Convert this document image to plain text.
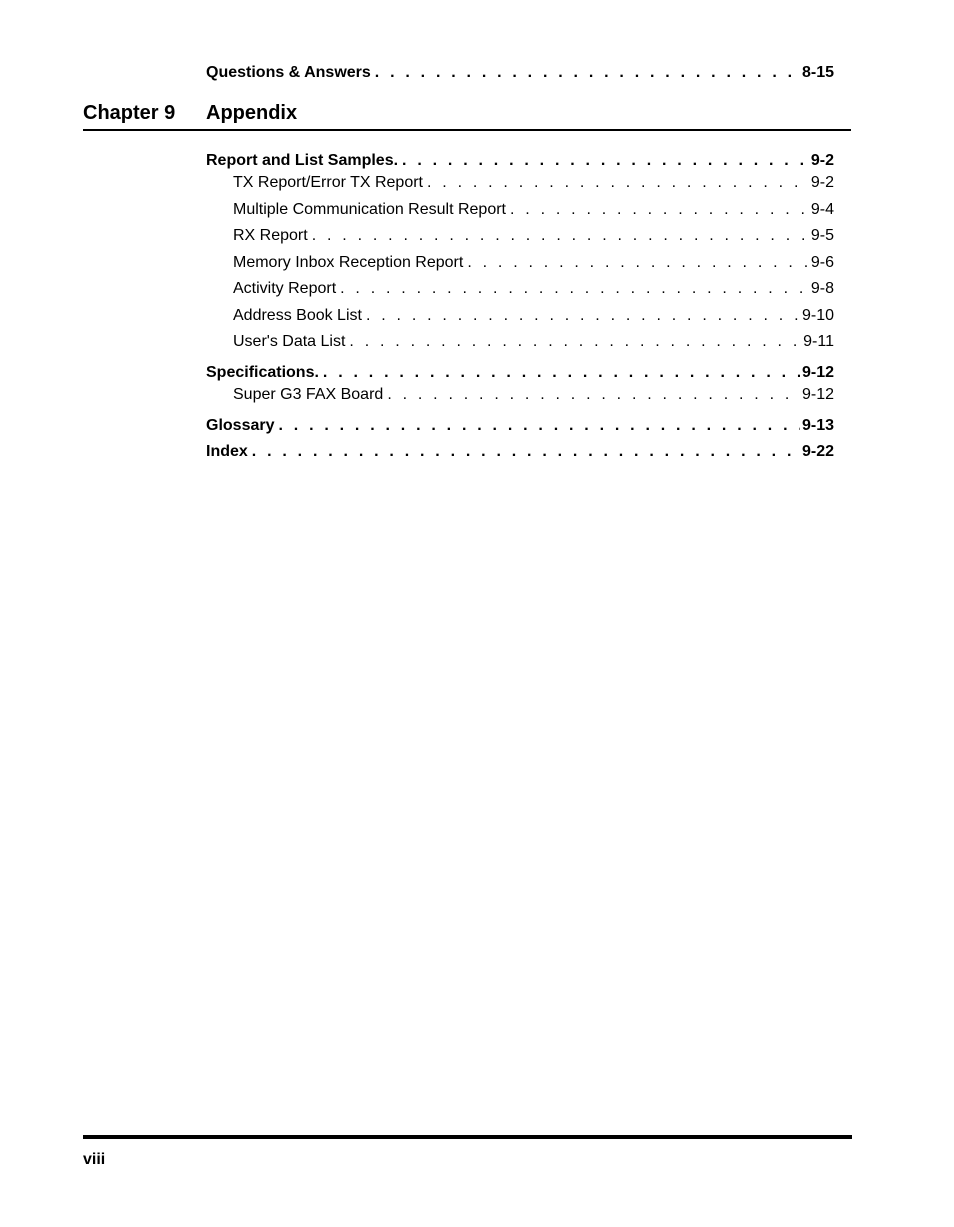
Questions & Answers . . .	8-15
Chapter 9 Appendix
Report and List Samples. . . .	9-2
TX Report/Error TX Report . . .	9-2
Multiple Communication Result Report . . .	9-4
RX Report . . .	9-5
Memory Inbox Reception Report . . .	9-6
Activity Report . . .	9-8
Address Book List . . .	9-10
User's Data List . . .	9-11
Specifications. . . .	9-12
Super G3 FAX Board . . .	9-12
Glossary . . .	9-13
Index . . .	9-22
viii
